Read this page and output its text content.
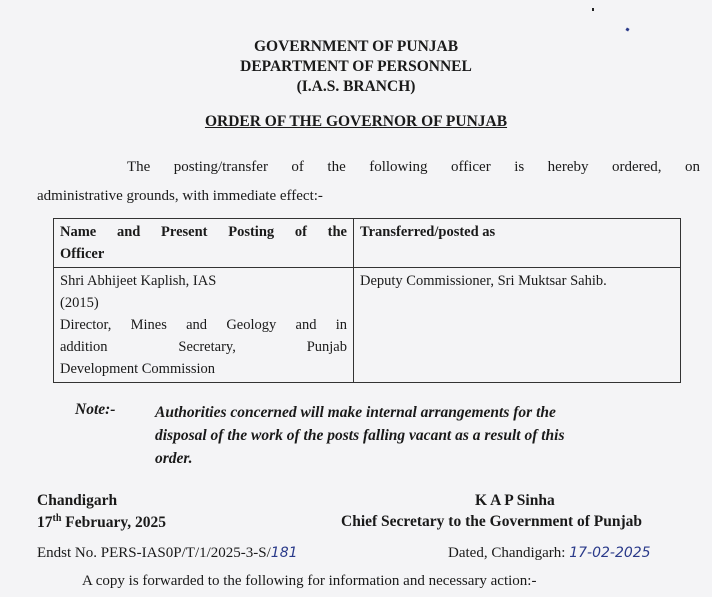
GOVERNMENT OF PUNJAB
DEPARTMENT OF PERSONNEL
(I.A.S. BRANCH)
ORDER OF THE GOVERNOR OF PUNJAB
The posting/transfer of the following officer is hereby ordered, on
administrative grounds, with immediate effect:-
Name and Present Posting of the
Officer	Transferred/posted as

Shri Abhijeet Kaplish, IAS
(2015)
Director, Mines and Geology and in
addition Secretary, Punjab
Development Commission	Deputy Commissioner, Sri Muktsar Sahib.
Note:-	Authorities concerned will make internal arrangements for the
disposal of the work of the posts falling vacant as a result of this
order.
Chandigarh
17th February, 2025
K A P Sinha
Chief Secretary to the Government of Punjab
Endst No. PERS-IAS0P/T/1/2025-3-S/181	Dated, Chandigarh: 17-02-2025
A copy is forwarded to the following for information and necessary action:-
